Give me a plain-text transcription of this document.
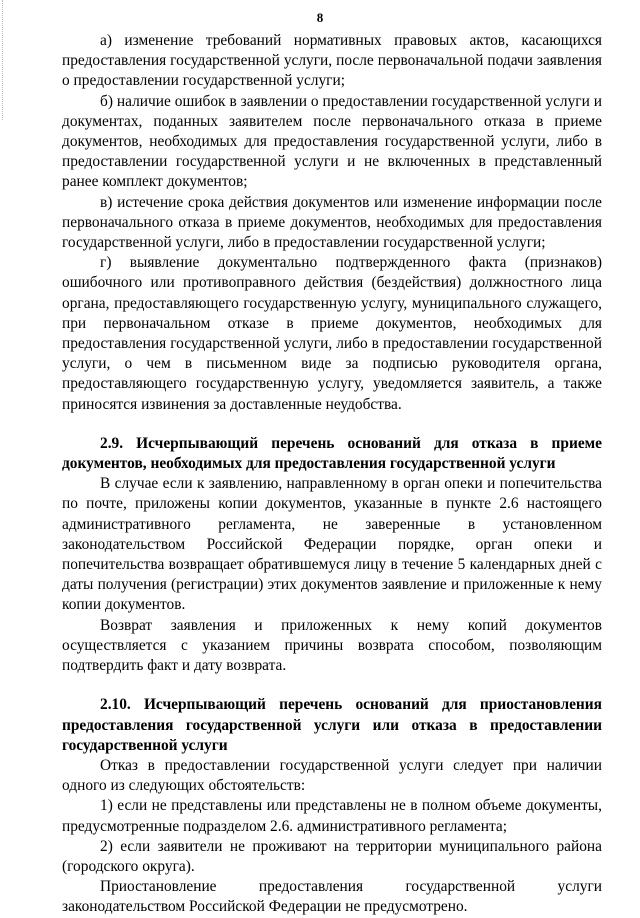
8

а) изменение требований нормативных правовых актов, касающихся предоставления государственной услуги, после первоначальной подачи заявления о предоставлении государственной услуги;

б) наличие ошибок в заявлении о предоставлении государственной услуги и документах, поданных заявителем после первоначального отказа в приеме документов, необходимых для предоставления государственной услуги, либо в предоставлении государственной услуги и не включенных в представленный ранее комплект документов;

в) истечение срока действия документов или изменение информации после первоначального отказа в приеме документов, необходимых для предоставления государственной услуги, либо в предоставлении государственной услуги;

г) выявление документально подтвержденного факта (признаков) ошибочного или противоправного действия (бездействия) должностного лица органа, предоставляющего государственную услугу, муниципального служащего, при первоначальном отказе в приеме документов, необходимых для предоставления государственной услуги, либо в предоставлении государственной услуги, о чем в письменном виде за подписью руководителя органа, предоставляющего государственную услугу, уведомляется заявитель, а также приносятся извинения за доставленные неудобства.

2.9. Исчерпывающий перечень оснований для отказа в приеме документов, необходимых для предоставления государственной услуги

В случае если к заявлению, направленному в орган опеки и попечительства по почте, приложены копии документов, указанные в пункте 2.6 настоящего административного регламента, не заверенные в установленном законодательством Российской Федерации порядке, орган опеки и попечительства возвращает обратившемуся лицу в течение 5 календарных дней с даты получения (регистрации) этих документов заявление и приложенные к нему копии документов.

Возврат заявления и приложенных к нему копий документов осуществляется с указанием причины возврата способом, позволяющим подтвердить факт и дату возврата.

2.10. Исчерпывающий перечень оснований для приостановления предоставления государственной услуги или отказа в предоставлении государственной услуги

Отказ в предоставлении государственной услуги следует при наличии одного из следующих обстоятельств:

1) если не представлены или представлены не в полном объеме документы, предусмотренные подразделом 2.6. административного регламента;

2) если заявители не проживают на территории муниципального района (городского округа).

Приостановление предоставления государственной услуги законодательством Российской Федерации не предусмотрено.
